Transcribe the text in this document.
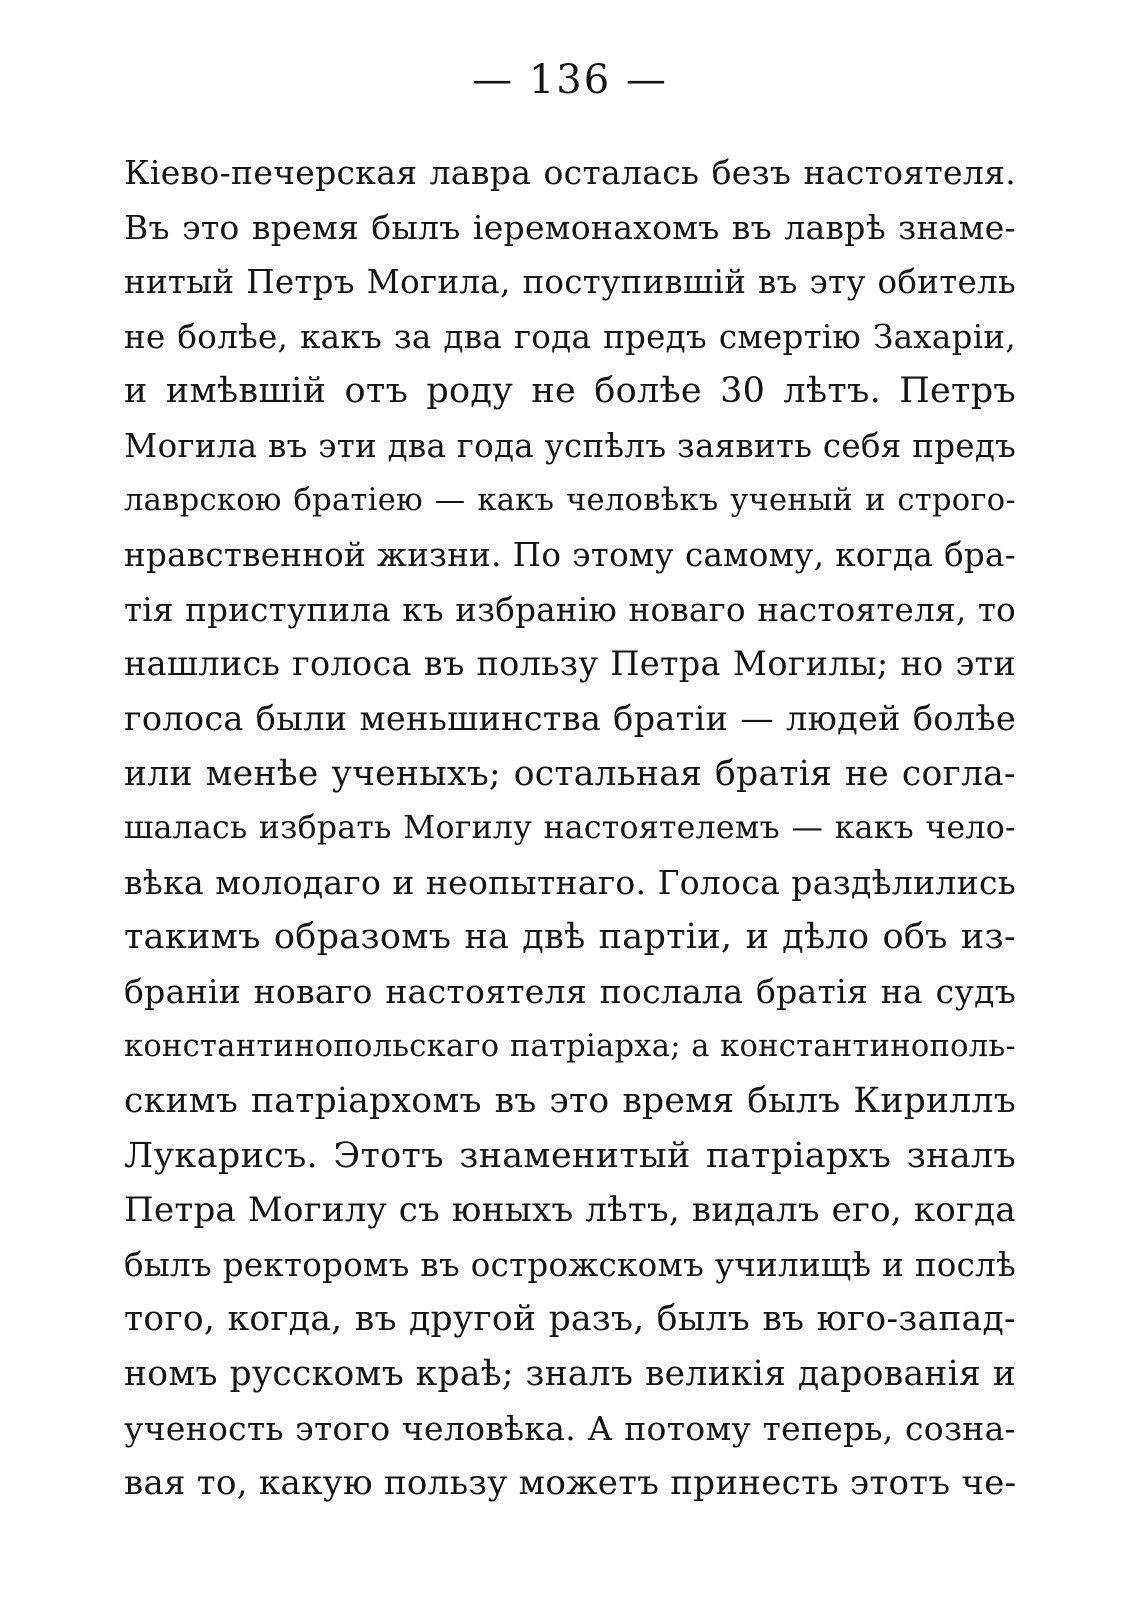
— 136 —
Кіево-печерская лавра осталась безъ настоятеля.
Въ это время былъ іеремонахомъ въ лаврѣ знаме-
нитый Петръ Могила, поступившій въ эту обитель
не болѣе, какъ за два года предъ смертію Захаріи,
и имѣвшій отъ роду не болѣе 30 лѣтъ. Петръ
Могила въ эти два года успѣлъ заявить себя предъ
лаврскою братіею — какъ человѣкъ ученый и строго-
нравственной жизни. По этому самому, когда бра-
тія приступила къ избранію новаго настоятеля, то
нашлись голоса въ пользу Петра Могилы; но эти
голоса были меньшинства братіи — людей болѣе
или менѣе ученыхъ; остальная братія не согла-
шалась избрать Могилу настоятелемъ — какъ чело-
вѣка молодаго и неопытнаго. Голоса раздѣлились
такимъ образомъ на двѣ партіи, и дѣло объ из-
браніи новаго настоятеля послала братія на судъ
константинопольскаго патріарха; а константинополь-
скимъ патріархомъ въ это время былъ Кириллъ
Лукарисъ. Этотъ знаменитый патріархъ зналъ
Петра Могилу съ юныхъ лѣтъ, видалъ его, когда
былъ ректоромъ въ острожскомъ училищѣ и послѣ
того, когда, въ другой разъ, былъ въ юго-запад-
номъ русскомъ краѣ; зналъ великія дарованія и
ученость этого человѣка. А потому теперь, созна-
вая то, какую пользу можетъ принесть этотъ че-
